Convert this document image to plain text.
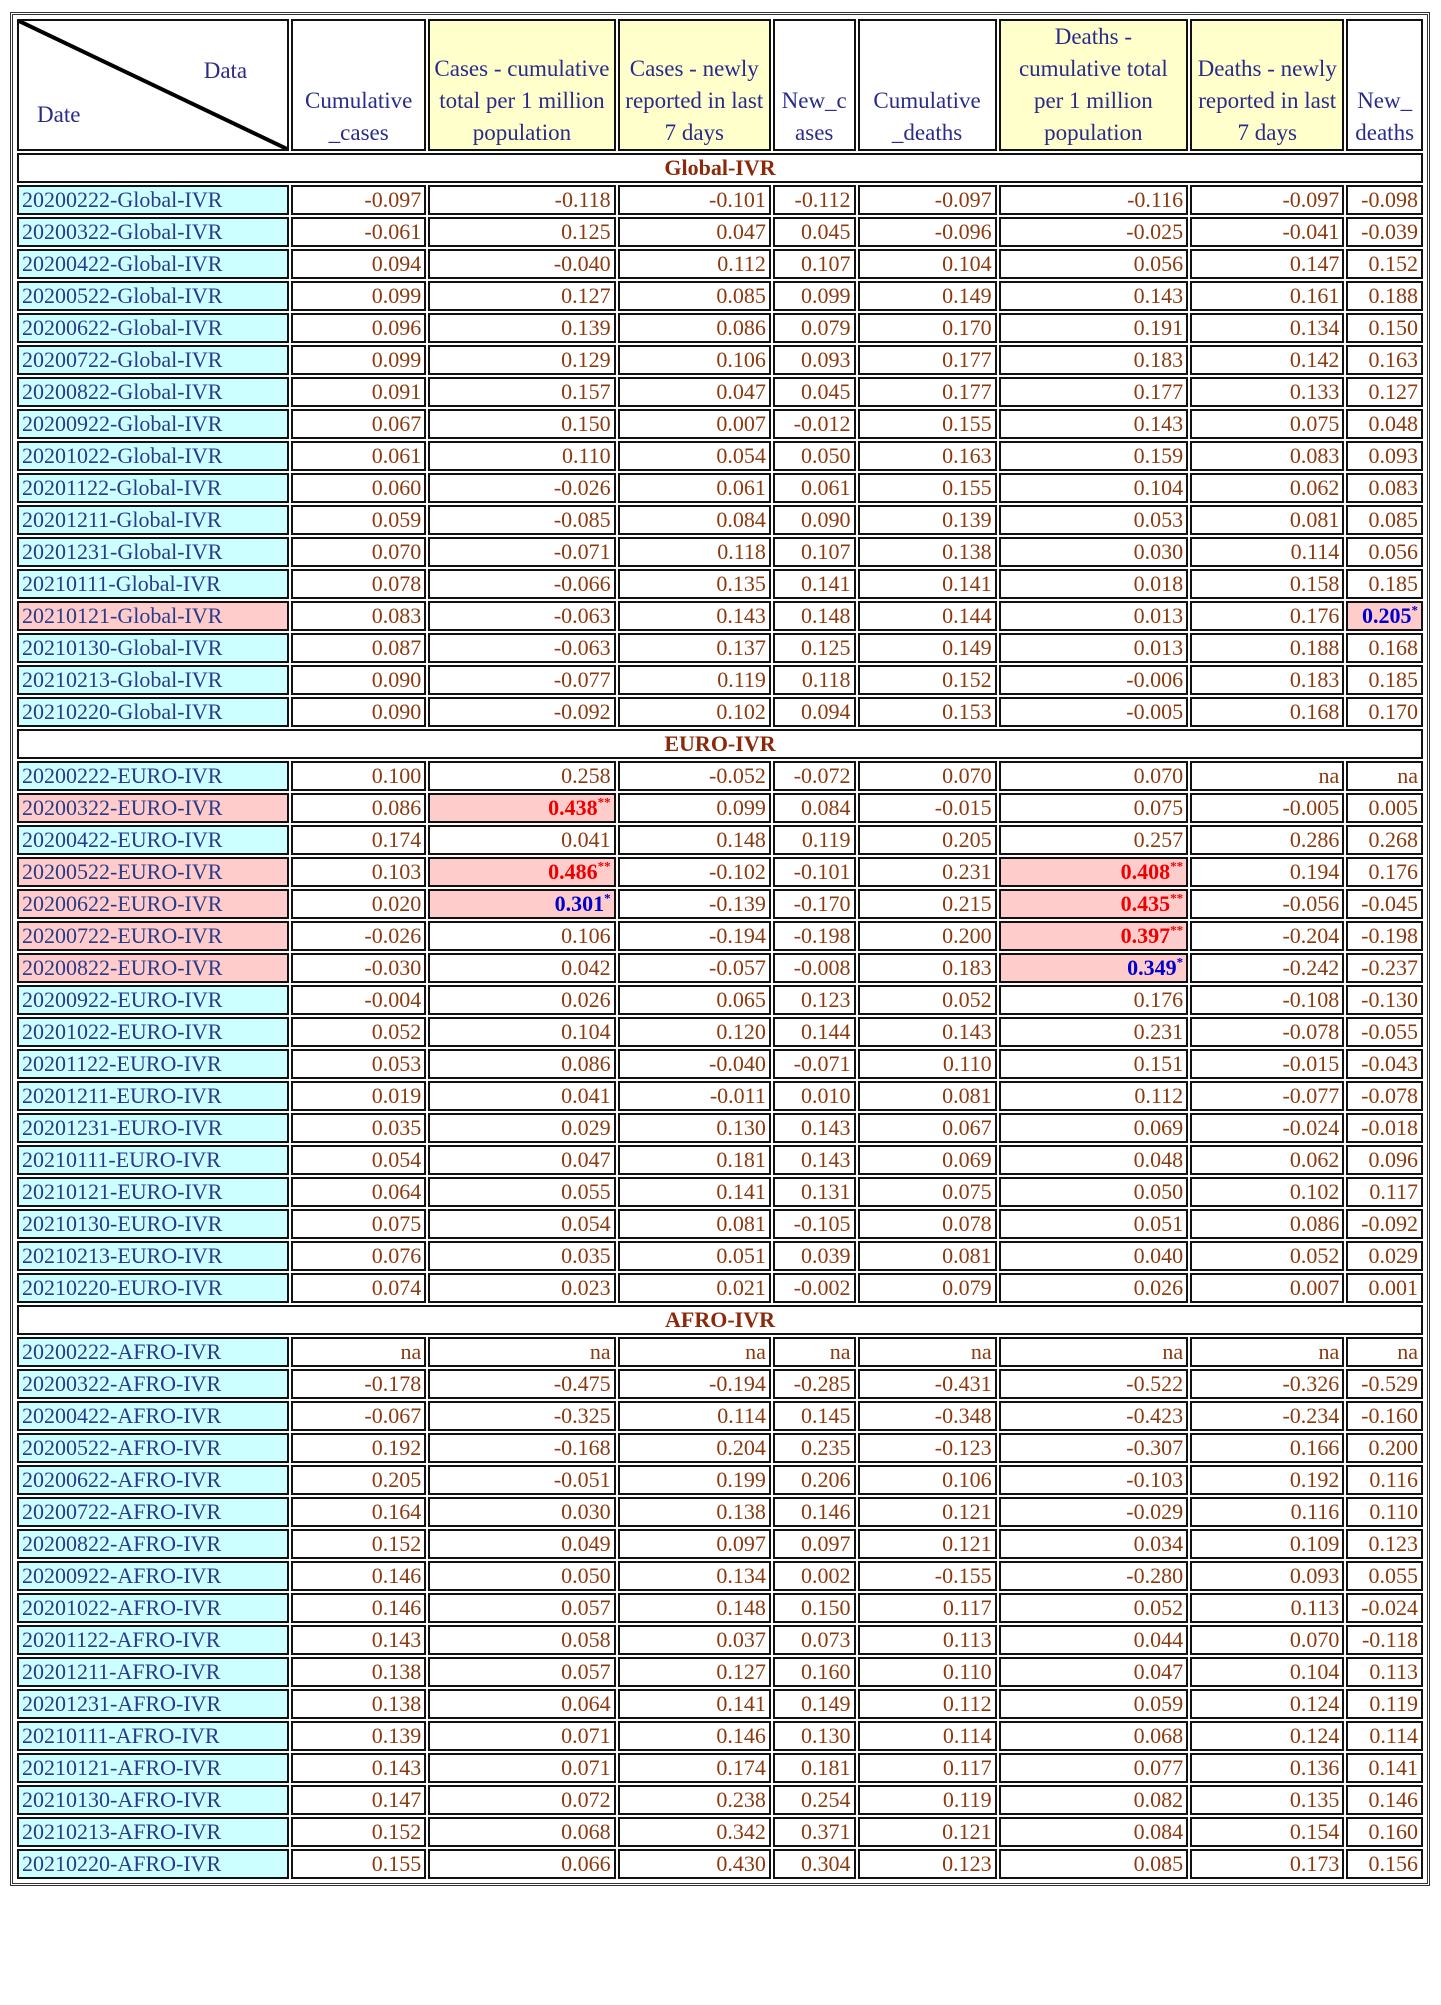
Data
Date	Cumulative _cases	Cases - cumulative total per 1 million population	Cases - newly reported in last 7 days	New_c ases	Cumulative _deaths	Deaths - cumulative total per 1 million population	Deaths - newly reported in last 7 days	New_ deaths
Global-IVR								
20200222-Global-IVR	-0.097	-0.118	-0.101	-0.112	-0.097	-0.116	-0.097	-0.098
20200322-Global-IVR	-0.061	0.125	0.047	0.045	-0.096	-0.025	-0.041	-0.039
20200422-Global-IVR	0.094	-0.040	0.112	0.107	0.104	0.056	0.147	0.152
20200522-Global-IVR	0.099	0.127	0.085	0.099	0.149	0.143	0.161	0.188
20200622-Global-IVR	0.096	0.139	0.086	0.079	0.170	0.191	0.134	0.150
20200722-Global-IVR	0.099	0.129	0.106	0.093	0.177	0.183	0.142	0.163
20200822-Global-IVR	0.091	0.157	0.047	0.045	0.177	0.177	0.133	0.127
20200922-Global-IVR	0.067	0.150	0.007	-0.012	0.155	0.143	0.075	0.048
20201022-Global-IVR	0.061	0.110	0.054	0.050	0.163	0.159	0.083	0.093
20201122-Global-IVR	0.060	-0.026	0.061	0.061	0.155	0.104	0.062	0.083
20201211-Global-IVR	0.059	-0.085	0.084	0.090	0.139	0.053	0.081	0.085
20201231-Global-IVR	0.070	-0.071	0.118	0.107	0.138	0.030	0.114	0.056
20210111-Global-IVR	0.078	-0.066	0.135	0.141	0.141	0.018	0.158	0.185
20210121-Global-IVR	0.083	-0.063	0.143	0.148	0.144	0.013	0.176	0.205*
20210130-Global-IVR	0.087	-0.063	0.137	0.125	0.149	0.013	0.188	0.168
20210213-Global-IVR	0.090	-0.077	0.119	0.118	0.152	-0.006	0.183	0.185
20210220-Global-IVR	0.090	-0.092	0.102	0.094	0.153	-0.005	0.168	0.170
EURO-IVR								
20200222-EURO-IVR	0.100	0.258	-0.052	-0.072	0.070	0.070	na	na
20200322-EURO-IVR	0.086	0.438**	0.099	0.084	-0.015	0.075	-0.005	0.005
20200422-EURO-IVR	0.174	0.041	0.148	0.119	0.205	0.257	0.286	0.268
20200522-EURO-IVR	0.103	0.486**	-0.102	-0.101	0.231	0.408**	0.194	0.176
20200622-EURO-IVR	0.020	0.301*	-0.139	-0.170	0.215	0.435**	-0.056	-0.045
20200722-EURO-IVR	-0.026	0.106	-0.194	-0.198	0.200	0.397**	-0.204	-0.198
20200822-EURO-IVR	-0.030	0.042	-0.057	-0.008	0.183	0.349*	-0.242	-0.237
20200922-EURO-IVR	-0.004	0.026	0.065	0.123	0.052	0.176	-0.108	-0.130
20201022-EURO-IVR	0.052	0.104	0.120	0.144	0.143	0.231	-0.078	-0.055
20201122-EURO-IVR	0.053	0.086	-0.040	-0.071	0.110	0.151	-0.015	-0.043
20201211-EURO-IVR	0.019	0.041	-0.011	0.010	0.081	0.112	-0.077	-0.078
20201231-EURO-IVR	0.035	0.029	0.130	0.143	0.067	0.069	-0.024	-0.018
20210111-EURO-IVR	0.054	0.047	0.181	0.143	0.069	0.048	0.062	0.096
20210121-EURO-IVR	0.064	0.055	0.141	0.131	0.075	0.050	0.102	0.117
20210130-EURO-IVR	0.075	0.054	0.081	-0.105	0.078	0.051	0.086	-0.092
20210213-EURO-IVR	0.076	0.035	0.051	0.039	0.081	0.040	0.052	0.029
20210220-EURO-IVR	0.074	0.023	0.021	-0.002	0.079	0.026	0.007	0.001
AFRO-IVR								
20200222-AFRO-IVR	na	na	na	na	na	na	na	na
20200322-AFRO-IVR	-0.178	-0.475	-0.194	-0.285	-0.431	-0.522	-0.326	-0.529
20200422-AFRO-IVR	-0.067	-0.325	0.114	0.145	-0.348	-0.423	-0.234	-0.160
20200522-AFRO-IVR	0.192	-0.168	0.204	0.235	-0.123	-0.307	0.166	0.200
20200622-AFRO-IVR	0.205	-0.051	0.199	0.206	0.106	-0.103	0.192	0.116
20200722-AFRO-IVR	0.164	0.030	0.138	0.146	0.121	-0.029	0.116	0.110
20200822-AFRO-IVR	0.152	0.049	0.097	0.097	0.121	0.034	0.109	0.123
20200922-AFRO-IVR	0.146	0.050	0.134	0.002	-0.155	-0.280	0.093	0.055
20201022-AFRO-IVR	0.146	0.057	0.148	0.150	0.117	0.052	0.113	-0.024
20201122-AFRO-IVR	0.143	0.058	0.037	0.073	0.113	0.044	0.070	-0.118
20201211-AFRO-IVR	0.138	0.057	0.127	0.160	0.110	0.047	0.104	0.113
20201231-AFRO-IVR	0.138	0.064	0.141	0.149	0.112	0.059	0.124	0.119
20210111-AFRO-IVR	0.139	0.071	0.146	0.130	0.114	0.068	0.124	0.114
20210121-AFRO-IVR	0.143	0.071	0.174	0.181	0.117	0.077	0.136	0.141
20210130-AFRO-IVR	0.147	0.072	0.238	0.254	0.119	0.082	0.135	0.146
20210213-AFRO-IVR	0.152	0.068	0.342	0.371	0.121	0.084	0.154	0.160
20210220-AFRO-IVR	0.155	0.066	0.430	0.304	0.123	0.085	0.173	0.156
